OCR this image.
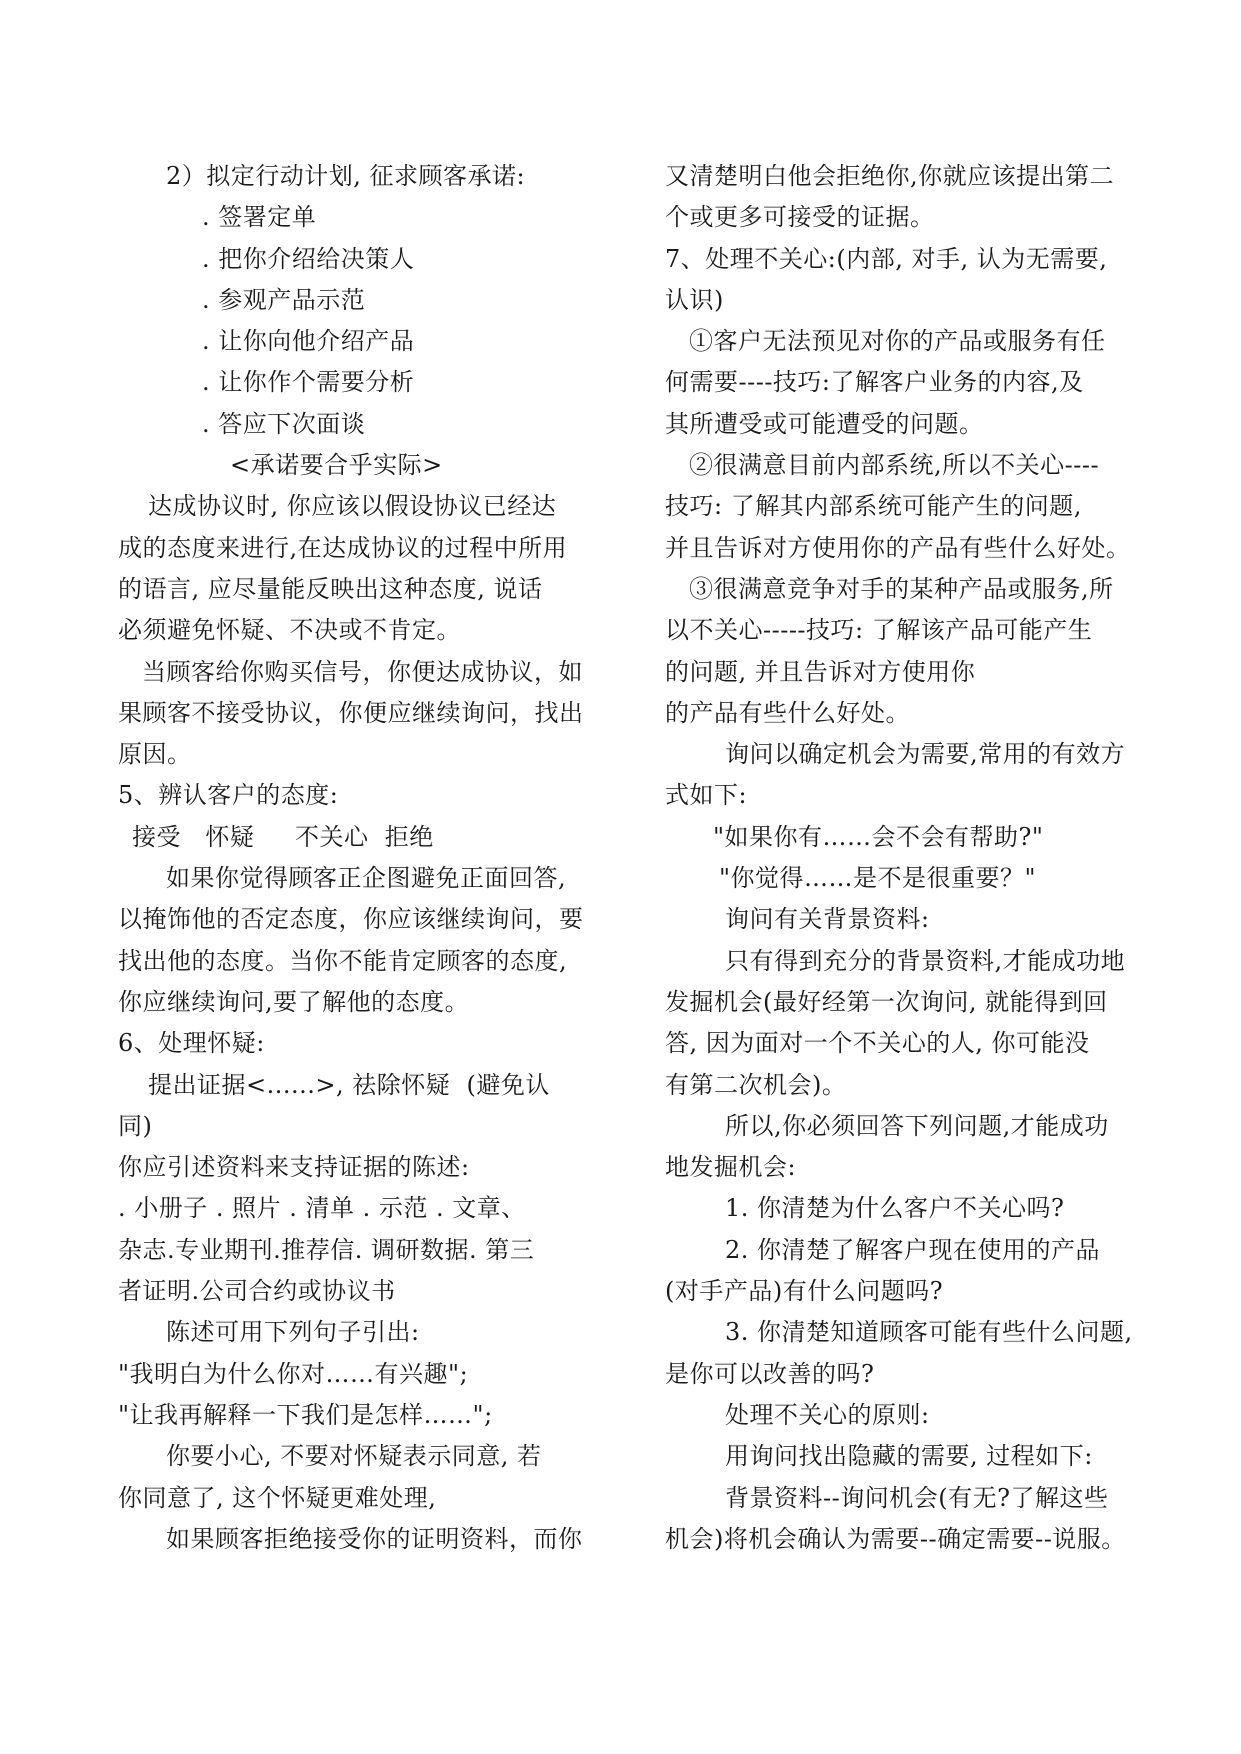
2）拟定行动计划, 征求顾客承诺:
. 签署定单
. 把你介绍给决策人
. 参观产品示范
. 让你向他介绍产品
. 让你作个需要分析
. 答应下次面谈
<承诺要合乎实际>
达成协议时, 你应该以假设协议已经达
成的态度来进行,在达成协议的过程中所用
的语言, 应尽量能反映出这种态度, 说话
必须避免怀疑、不决或不肯定。
当顾客给你购买信号，你便达成协议，如
果顾客不接受协议，你便应继续询问，找出
原因。
5、辨认客户的态度:
接受   怀疑     不关心  拒绝
如果你觉得顾客正企图避免正面回答,
以掩饰他的否定态度，你应该继续询问，要
找出他的态度。当你不能肯定顾客的态度,
你应继续询问,要了解他的态度。
6、处理怀疑:
提出证据<......>, 祛除怀疑  (避免认
同)
你应引述资料来支持证据的陈述:
. 小册子 . 照片 . 清单 . 示范 . 文章、
杂志.专业期刊.推荐信. 调研数据. 第三
者证明.公司合约或协议书
陈述可用下列句子引出:
"我明白为什么你对……有兴趣";
"让我再解释一下我们是怎样……";
你要小心, 不要对怀疑表示同意, 若
你同意了, 这个怀疑更难处理,
如果顾客拒绝接受你的证明资料，而你
又清楚明白他会拒绝你,你就应该提出第二
个或更多可接受的证据。
7、处理不关心:(内部, 对手, 认为无需要,
认识)
①客户无法预见对你的产品或服务有任
何需要----技巧:了解客户业务的内容,及
其所遭受或可能遭受的问题。
②很满意目前内部系统,所以不关心----
技巧: 了解其内部系统可能产生的问题,
并且告诉对方使用你的产品有些什么好处。
③很满意竞争对手的某种产品或服务,所
以不关心-----技巧: 了解该产品可能产生
的问题, 并且告诉对方使用你
的产品有些什么好处。
询问以确定机会为需要,常用的有效方
式如下:
"如果你有……会不会有帮助?"
"你觉得……是不是很重要？"
询问有关背景资料:
只有得到充分的背景资料,才能成功地
发掘机会(最好经第一次询问, 就能得到回
答, 因为面对一个不关心的人, 你可能没
有第二次机会)。
所以,你必须回答下列问题,才能成功
地发掘机会:
1. 你清楚为什么客户不关心吗?
2. 你清楚了解客户现在使用的产品
(对手产品)有什么问题吗?
3. 你清楚知道顾客可能有些什么问题,
是你可以改善的吗?
处理不关心的原则:
用询问找出隐藏的需要, 过程如下:
背景资料--询问机会(有无?了解这些
机会)将机会确认为需要--确定需要--说服。
